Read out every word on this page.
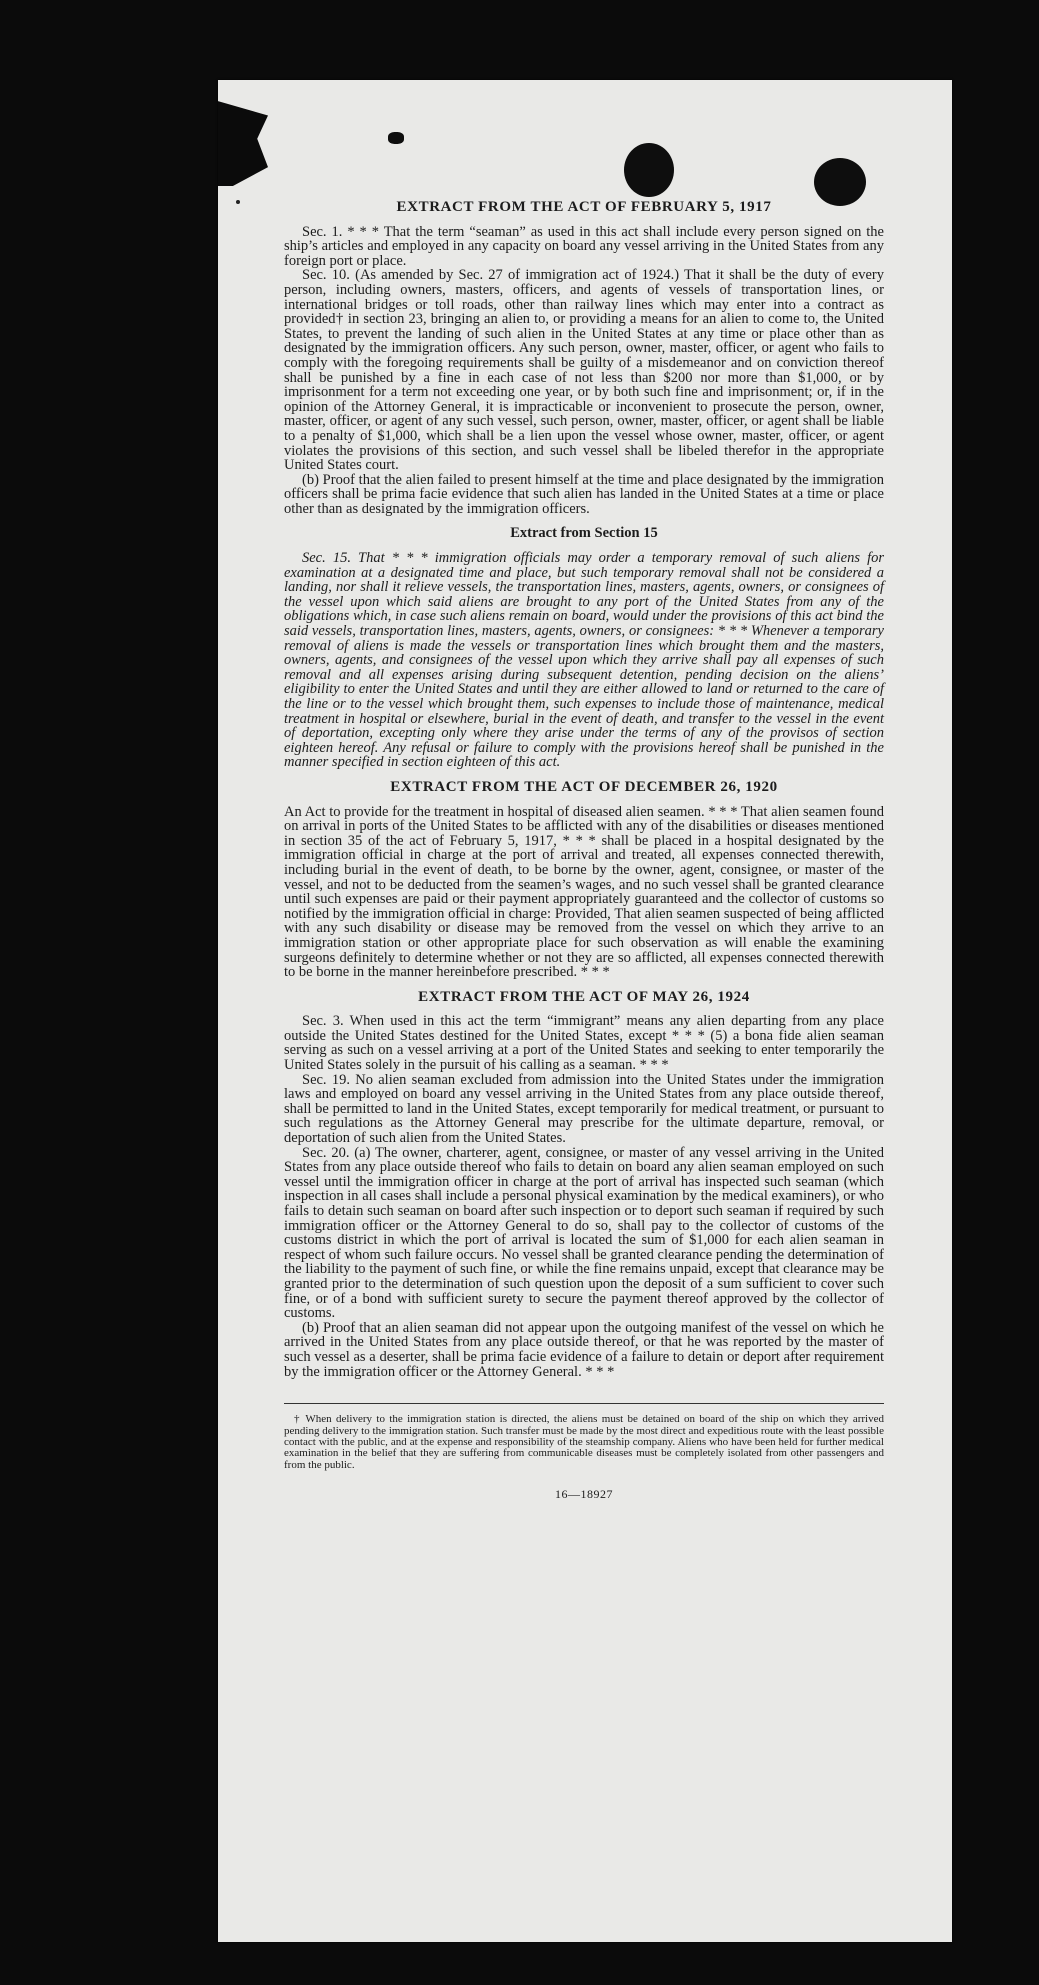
EXTRACT FROM THE ACT OF FEBRUARY 5, 1917

Sec. 1. * * * That the term “seaman” as used in this act shall include every person signed on the ship’s articles and employed in any capacity on board any vessel arriving in the United States from any foreign port or place.

Sec. 10. (As amended by Sec. 27 of immigration act of 1924.) That it shall be the duty of every person, including owners, masters, officers, and agents of vessels of transportation lines, or international bridges or toll roads, other than railway lines which may enter into a contract as provided† in section 23, bringing an alien to, or providing a means for an alien to come to, the United States, to prevent the landing of such alien in the United States at any time or place other than as designated by the immigration officers. Any such person, owner, master, officer, or agent who fails to comply with the foregoing requirements shall be guilty of a misdemeanor and on conviction thereof shall be punished by a fine in each case of not less than $200 nor more than $1,000, or by imprisonment for a term not exceeding one year, or by both such fine and imprisonment; or, if in the opinion of the Attorney General, it is impracticable or inconvenient to prosecute the person, owner, master, officer, or agent of any such vessel, such person, owner, master, officer, or agent shall be liable to a penalty of $1,000, which shall be a lien upon the vessel whose owner, master, officer, or agent violates the provisions of this section, and such vessel shall be libeled therefor in the appropriate United States court.

(b) Proof that the alien failed to present himself at the time and place designated by the immigration officers shall be prima facie evidence that such alien has landed in the United States at a time or place other than as designated by the immigration officers.

Extract from Section 15

Sec. 15. That * * * immigration officials may order a temporary removal of such aliens for examination at a designated time and place, but such temporary removal shall not be considered a landing, nor shall it relieve vessels, the transportation lines, masters, agents, owners, or consignees of the vessel upon which said aliens are brought to any port of the United States from any of the obligations which, in case such aliens remain on board, would under the provisions of this act bind the said vessels, transportation lines, masters, agents, owners, or consignees: * * * Whenever a temporary removal of aliens is made the vessels or transportation lines which brought them and the masters, owners, agents, and consignees of the vessel upon which they arrive shall pay all expenses of such removal and all expenses arising during subsequent detention, pending decision on the aliens’ eligibility to enter the United States and until they are either allowed to land or returned to the care of the line or to the vessel which brought them, such expenses to include those of maintenance, medical treatment in hospital or elsewhere, burial in the event of death, and transfer to the vessel in the event of deportation, excepting only where they arise under the terms of any of the provisos of section eighteen hereof. Any refusal or failure to comply with the provisions hereof shall be punished in the manner specified in section eighteen of this act.

EXTRACT FROM THE ACT OF DECEMBER 26, 1920

An Act to provide for the treatment in hospital of diseased alien seamen. * * * That alien seamen found on arrival in ports of the United States to be afflicted with any of the disabilities or diseases mentioned in section 35 of the act of February 5, 1917, * * * shall be placed in a hospital designated by the immigration official in charge at the port of arrival and treated, all expenses connected therewith, including burial in the event of death, to be borne by the owner, agent, consignee, or master of the vessel, and not to be deducted from the seamen’s wages, and no such vessel shall be granted clearance until such expenses are paid or their payment appropriately guaranteed and the collector of customs so notified by the immigration official in charge: Provided, That alien seamen suspected of being afflicted with any such disability or disease may be removed from the vessel on which they arrive to an immigration station or other appropriate place for such observation as will enable the examining surgeons definitely to determine whether or not they are so afflicted, all expenses connected therewith to be borne in the manner hereinbefore prescribed. * * *

EXTRACT FROM THE ACT OF MAY 26, 1924

Sec. 3. When used in this act the term “immigrant” means any alien departing from any place outside the United States destined for the United States, except * * * (5) a bona fide alien seaman serving as such on a vessel arriving at a port of the United States and seeking to enter temporarily the United States solely in the pursuit of his calling as a seaman. * * *

Sec. 19. No alien seaman excluded from admission into the United States under the immigration laws and employed on board any vessel arriving in the United States from any place outside thereof, shall be permitted to land in the United States, except temporarily for medical treatment, or pursuant to such regulations as the Attorney General may prescribe for the ultimate departure, removal, or deportation of such alien from the United States.

Sec. 20. (a) The owner, charterer, agent, consignee, or master of any vessel arriving in the United States from any place outside thereof who fails to detain on board any alien seaman employed on such vessel until the immigration officer in charge at the port of arrival has inspected such seaman (which inspection in all cases shall include a personal physical examination by the medical examiners), or who fails to detain such seaman on board after such inspection or to deport such seaman if required by such immigration officer or the Attorney General to do so, shall pay to the collector of customs of the customs district in which the port of arrival is located the sum of $1,000 for each alien seaman in respect of whom such failure occurs. No vessel shall be granted clearance pending the determination of the liability to the payment of such fine, or while the fine remains unpaid, except that clearance may be granted prior to the determination of such question upon the deposit of a sum sufficient to cover such fine, or of a bond with sufficient surety to secure the payment thereof approved by the collector of customs.

(b) Proof that an alien seaman did not appear upon the outgoing manifest of the vessel on which he arrived in the United States from any place outside thereof, or that he was reported by the master of such vessel as a deserter, shall be prima facie evidence of a failure to detain or deport after requirement by the immigration officer or the Attorney General. * * *

† When delivery to the immigration station is directed, the aliens must be detained on board of the ship on which they arrived pending delivery to the immigration station. Such transfer must be made by the most direct and expeditious route with the least possible contact with the public, and at the expense and responsibility of the steamship company. Aliens who have been held for further medical examination in the belief that they are suffering from communicable diseases must be completely isolated from other passengers and from the public.

16—18927
